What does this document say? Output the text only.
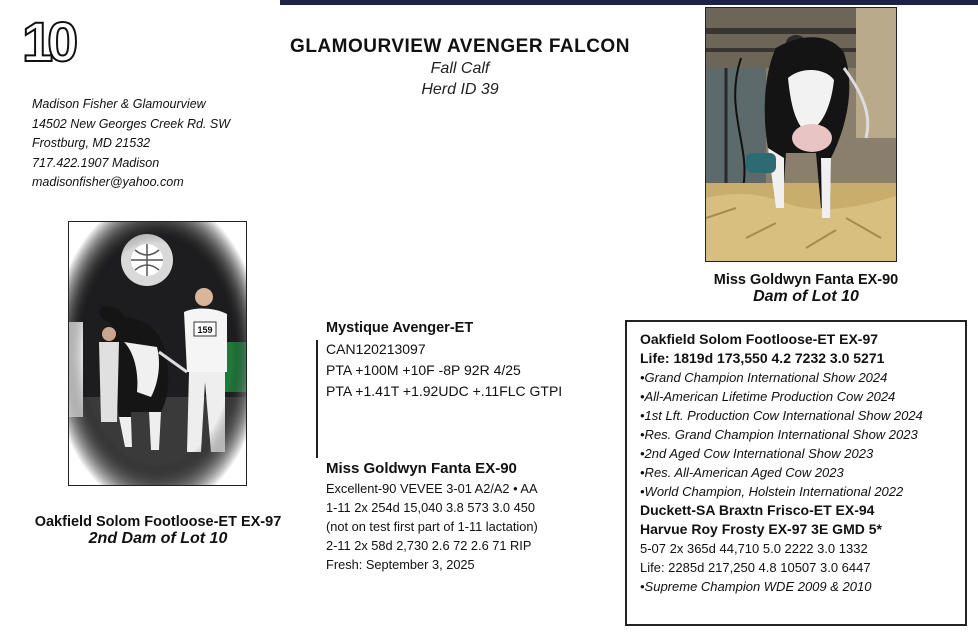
10	GLAMOURVIEW AVENGER FALCON
Fall Calf
Herd ID 39
Madison Fisher & Glamourview
14502 New Georges Creek Rd. SW
Frostburg, MD 21532
717.422.1907 Madison
madisonfisher@yahoo.com
Miss Goldwyn Fanta EX-90
Dam of Lot 10
Oakfield Solom Footloose-ET EX-97
2nd Dam of Lot 10
Mystique Avenger-ET
CAN120213097
PTA +100M +10F -8P 92R 4/25
PTA +1.41T +1.92UDC +.11FLC GTPI
Miss Goldwyn Fanta EX-90
Excellent-90 VEVEE 3-01 A2/A2 • AA
1-11 2x 254d 15,040 3.8 573 3.0 450
(not on test first part of 1-11 lactation)
2-11 2x 58d 2,730 2.6 72 2.6 71 RIP
Fresh: September 3, 2025
Oakfield Solom Footloose-ET EX-97
Life: 1819d 173,550 4.2 7232 3.0 5271
•Grand Champion International Show 2024
•All-American Lifetime Production Cow 2024
•1st Lft. Production Cow International Show 2024
•Res. Grand Champion International Show 2023
•2nd Aged Cow International Show 2023
•Res. All-American Aged Cow 2023
•World Champion, Holstein International 2022
Duckett-SA Braxtn Frisco-ET EX-94
Harvue Roy Frosty EX-97 3E GMD 5*
5-07 2x 365d 44,710 5.0 2222 3.0 1332
Life: 2285d 217,250 4.8 10507 3.0 6447
•Supreme Champion WDE 2009 & 2010
